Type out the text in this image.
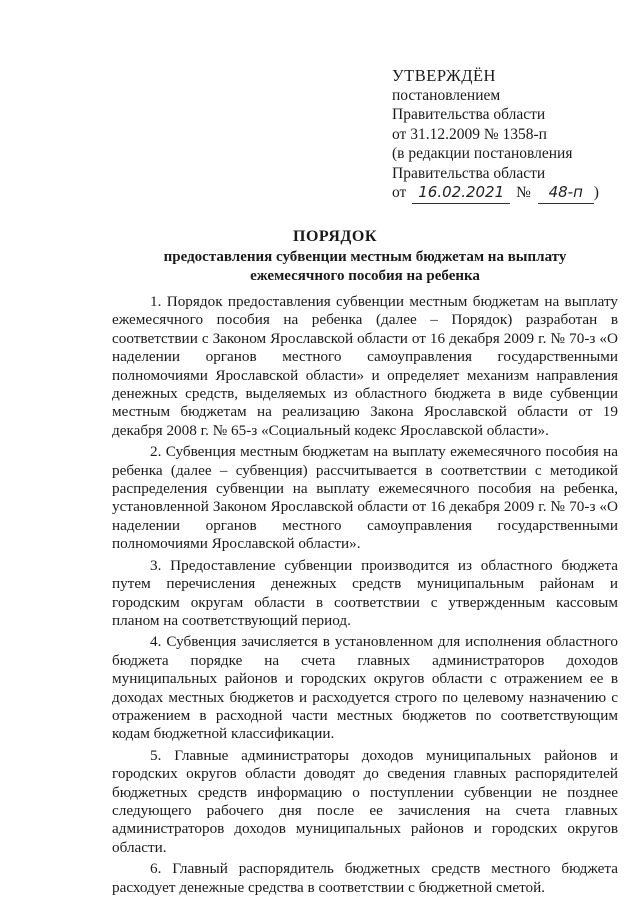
УТВЕРЖДЁН
постановлением
Правительства области
от 31.12.2009 № 1358-п
(в редакции постановления
Правительства области
от 16.02.2021 № 48-п )
ПОРЯДОК
предоставления субвенции местным бюджетам на выплату ежемесячного пособия на ребенка

1. Порядок предоставления субвенции местным бюджетам на выплату ежемесячного пособия на ребенка (далее – Порядок) разработан в соответствии с Законом Ярославской области от 16 декабря 2009 г. № 70-з «О наделении органов местного самоуправления государственными полномочиями Ярославской области» и определяет механизм направления денежных средств, выделяемых из областного бюджета в виде субвенции местным бюджетам на реализацию Закона Ярославской области от 19 декабря 2008 г. № 65-з «Социальный кодекс Ярославской области».

2. Субвенция местным бюджетам на выплату ежемесячного пособия на ребенка (далее – субвенция) рассчитывается в соответствии с методикой распределения субвенции на выплату ежемесячного пособия на ребенка, установленной Законом Ярославской области от 16 декабря 2009 г. № 70-з «О наделении органов местного самоуправления государственными полномочиями Ярославской области».

3. Предоставление субвенции производится из областного бюджета путем перечисления денежных средств муниципальным районам и городским округам области в соответствии с утвержденным кассовым планом на соответствующий период.

4. Субвенция зачисляется в установленном для исполнения областного бюджета порядке на счета главных администраторов доходов муниципальных районов и городских округов области с отражением ее в доходах местных бюджетов и расходуется строго по целевому назначению с отражением в расходной части местных бюджетов по соответствующим кодам бюджетной классификации.

5. Главные администраторы доходов муниципальных районов и городских округов области доводят до сведения главных распорядителей бюджетных средств информацию о поступлении субвенции не позднее следующего рабочего дня после ее зачисления на счета главных администраторов доходов муниципальных районов и городских округов области.

6. Главный распорядитель бюджетных средств местного бюджета расходует денежные средства в соответствии с бюджетной сметой.
